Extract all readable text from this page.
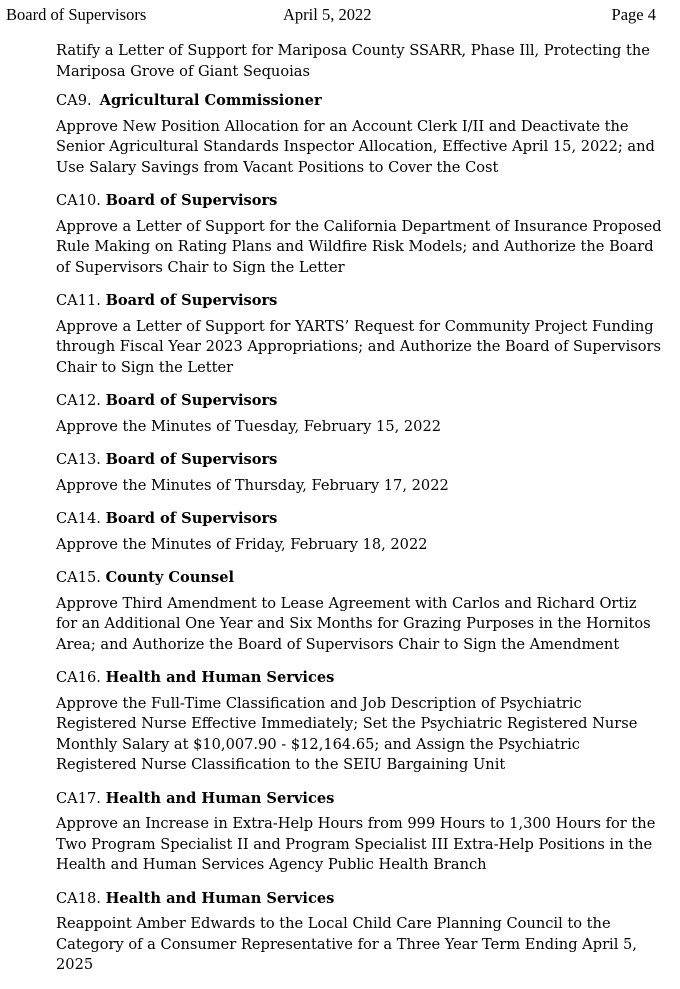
Board of Supervisors	April 5, 2022	Page 4

Ratify a Letter of Support for Mariposa County SSARR, Phase Ill, Protecting the Mariposa Grove of Giant Sequoias

CA9. Agricultural Commissioner

Approve New Position Allocation for an Account Clerk I/II and Deactivate the Senior Agricultural Standards Inspector Allocation, Effective April 15, 2022; and Use Salary Savings from Vacant Positions to Cover the Cost

CA10. Board of Supervisors

Approve a Letter of Support for the California Department of Insurance Proposed Rule Making on Rating Plans and Wildfire Risk Models; and Authorize the Board of Supervisors Chair to Sign the Letter

CA11. Board of Supervisors

Approve a Letter of Support for YARTS’ Request for Community Project Funding through Fiscal Year 2023 Appropriations; and Authorize the Board of Supervisors Chair to Sign the Letter

CA12. Board of Supervisors

Approve the Minutes of Tuesday, February 15, 2022

CA13. Board of Supervisors

Approve the Minutes of Thursday, February 17, 2022

CA14. Board of Supervisors

Approve the Minutes of Friday, February 18, 2022

CA15. County Counsel

Approve Third Amendment to Lease Agreement with Carlos and Richard Ortiz for an Additional One Year and Six Months for Grazing Purposes in the Hornitos Area; and Authorize the Board of Supervisors Chair to Sign the Amendment

CA16. Health and Human Services

Approve the Full-Time Classification and Job Description of Psychiatric Registered Nurse Effective Immediately; Set the Psychiatric Registered Nurse Monthly Salary at $10,007.90 - $12,164.65; and Assign the Psychiatric Registered Nurse Classification to the SEIU Bargaining Unit

CA17. Health and Human Services

Approve an Increase in Extra-Help Hours from 999 Hours to 1,300 Hours for the Two Program Specialist II and Program Specialist III Extra-Help Positions in the Health and Human Services Agency Public Health Branch

CA18. Health and Human Services

Reappoint Amber Edwards to the Local Child Care Planning Council to the Category of a Consumer Representative for a Three Year Term Ending April 5, 2025
